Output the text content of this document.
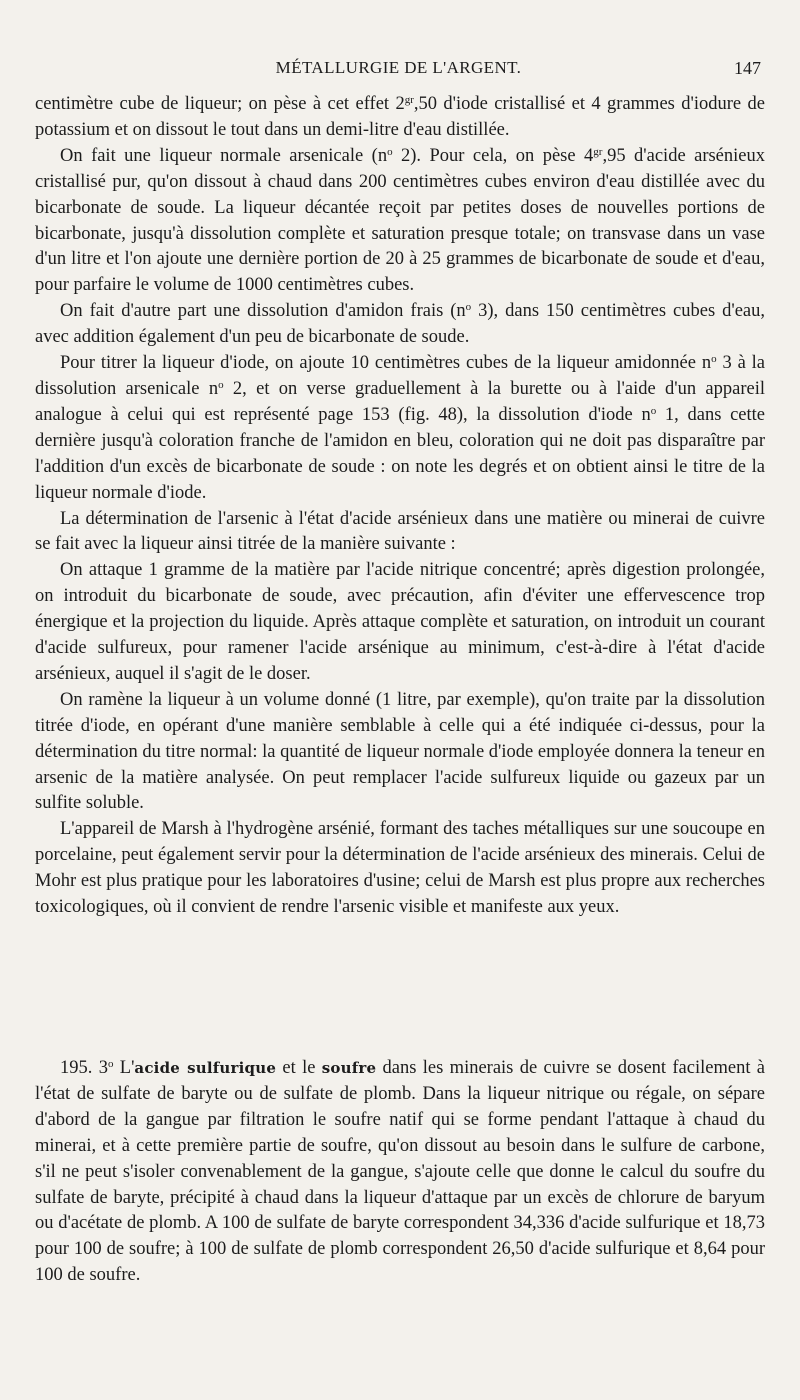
MÉTALLURGIE DE L'ARGENT.	147

centimètre cube de liqueur; on pèse à cet effet $2^{gr},50$ d'iode cristallisé et 4 grammes d'iodure de potassium et on dissout le tout dans un demi-litre d'eau distillée.

On fait une liqueur normale arsenicale ($n^o$ 2). Pour cela, on pèse $4^{gr},95$ d'acide arsénieux cristallisé pur, qu'on dissout à chaud dans 200 centimètres cubes environ d'eau distillée avec du bicarbonate de soude. La liqueur décantée reçoit par petites doses de nouvelles portions de bicarbonate, jusqu'à dissolution complète et saturation presque totale; on transvase dans un vase d'un litre et l'on ajoute une dernière portion de 20 à 25 grammes de bicarbonate de soude et d'eau, pour parfaire le volume de 1000 centimètres cubes.

On fait d'autre part une dissolution d'amidon frais ($n^o$ 3), dans 150 centimètres cubes d'eau, avec addition également d'un peu de bicarbonate de soude.

Pour titrer la liqueur d'iode, on ajoute 10 centimètres cubes de la liqueur amidonnée $n^o$ 3 à la dissolution arsenicale $n^o$ 2, et on verse graduellement à la burette ou à l'aide d'un appareil analogue à celui qui est représenté page 153 (fig. 48), la dissolution d'iode $n^o$ 1, dans cette dernière jusqu'à coloration franche de l'amidon en bleu, coloration qui ne doit pas disparaître par l'addition d'un excès de bicarbonate de soude : on note les degrés et on obtient ainsi le titre de la liqueur normale d'iode.

La détermination de l'arsenic à l'état d'acide arsénieux dans une matière ou minerai de cuivre se fait avec la liqueur ainsi titrée de la manière suivante :

On attaque 1 gramme de la matière par l'acide nitrique concentré; après digestion prolongée, on introduit du bicarbonate de soude, avec précaution, afin d'éviter une effervescence trop énergique et la projection du liquide. Après attaque complète et saturation, on introduit un courant d'acide sulfureux, pour ramener l'acide arsénique au minimum, c'est-à-dire à l'état d'acide arsénieux, auquel il s'agit de le doser.

On ramène la liqueur à un volume donné (1 litre, par exemple), qu'on traite par la dissolution titrée d'iode, en opérant d'une manière semblable à celle qui a été indiquée ci-dessus, pour la détermination du titre normal: la quantité de liqueur normale d'iode employée donnera la teneur en arsenic de la matière analysée. On peut remplacer l'acide sulfureux liquide ou gazeux par un sulfite soluble.

L'appareil de Marsh à l'hydrogène arsénié, formant des taches métalliques sur une soucoupe en porcelaine, peut également servir pour la détermination de l'acide arsénieux des minerais. Celui de Mohr est plus pratique pour les laboratoires d'usine; celui de Marsh est plus propre aux recherches toxicologiques, où il convient de rendre l'arsenic visible et manifeste aux yeux.

195. 3$^o$ L'acide sulfurique et le soufre dans les minerais de cuivre se dosent facilement à l'état de sulfate de baryte ou de sulfate de plomb. Dans la liqueur nitrique ou régale, on sépare d'abord de la gangue par filtration le soufre natif qui se forme pendant l'attaque à chaud du minerai, et à cette première partie de soufre, qu'on dissout au besoin dans le sulfure de carbone, s'il ne peut s'isoler convenablement de la gangue, s'ajoute celle que donne le calcul du soufre du sulfate de baryte, précipité à chaud dans la liqueur d'attaque par un excès de chlorure de baryum ou d'acétate de plomb. A 100 de sulfate de baryte correspondent 34,336 d'acide sulfurique et 18,73 pour 100 de soufre; à 100 de sulfate de plomb correspondent 26,50 d'acide sulfurique et 8,64 pour 100 de soufre.
